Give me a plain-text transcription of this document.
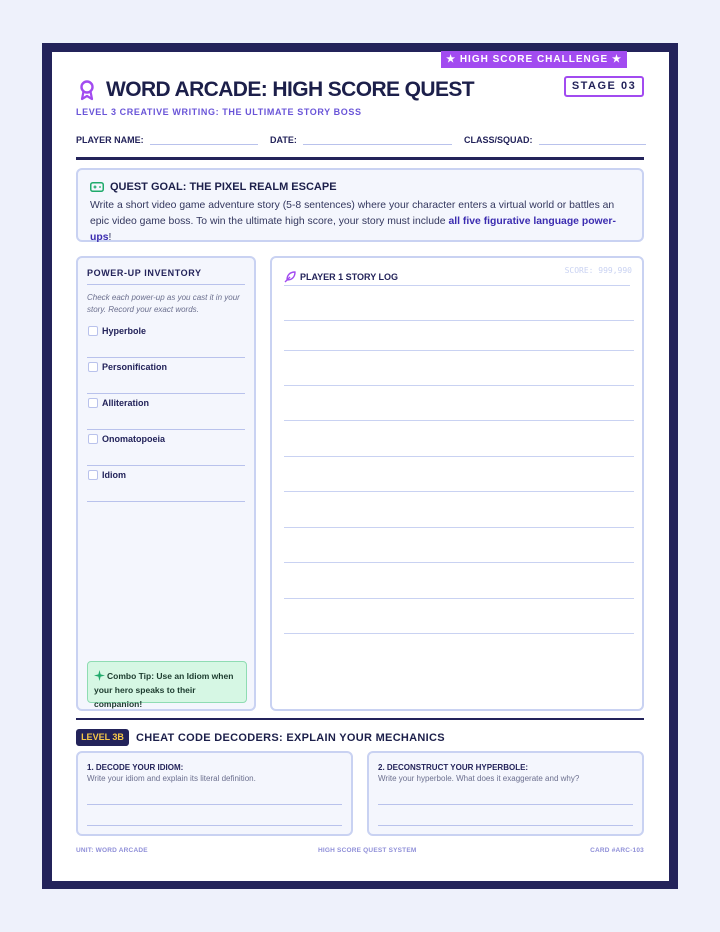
★ HIGH SCORE CHALLENGE ★
WORD ARCADE: HIGH SCORE QUEST
LEVEL 3 CREATIVE WRITING: THE ULTIMATE STORY BOSS
STAGE 03
PLAYER NAME:	DATE:	CLASS/SQUAD:
QUEST GOAL: THE PIXEL REALM ESCAPE

Write a short video game adventure story (5-8 sentences) where your character enters a virtual world or battles an epic video game boss. To win the ultimate high score, your story must include all five figurative language power-ups!

POWER-UP INVENTORY
Check each power-up as you cast it in your story. Record your exact words.
Hyperbole
Personification
Alliteration
Onomatopoeia
Idiom
Combo Tip: Use an Idiom when your hero speaks to their companion!
SCORE: 999,990
PLAYER 1 STORY LOG
LEVEL 3B	CHEAT CODE DECODERS: EXPLAIN YOUR MECHANICS
1. DECODE YOUR IDIOM:
Write your idiom and explain its literal definition.
2. DECONSTRUCT YOUR HYPERBOLE:
Write your hyperbole. What does it exaggerate and why?
UNIT: WORD ARCADE	HIGH SCORE QUEST SYSTEM	CARD #ARC-103
